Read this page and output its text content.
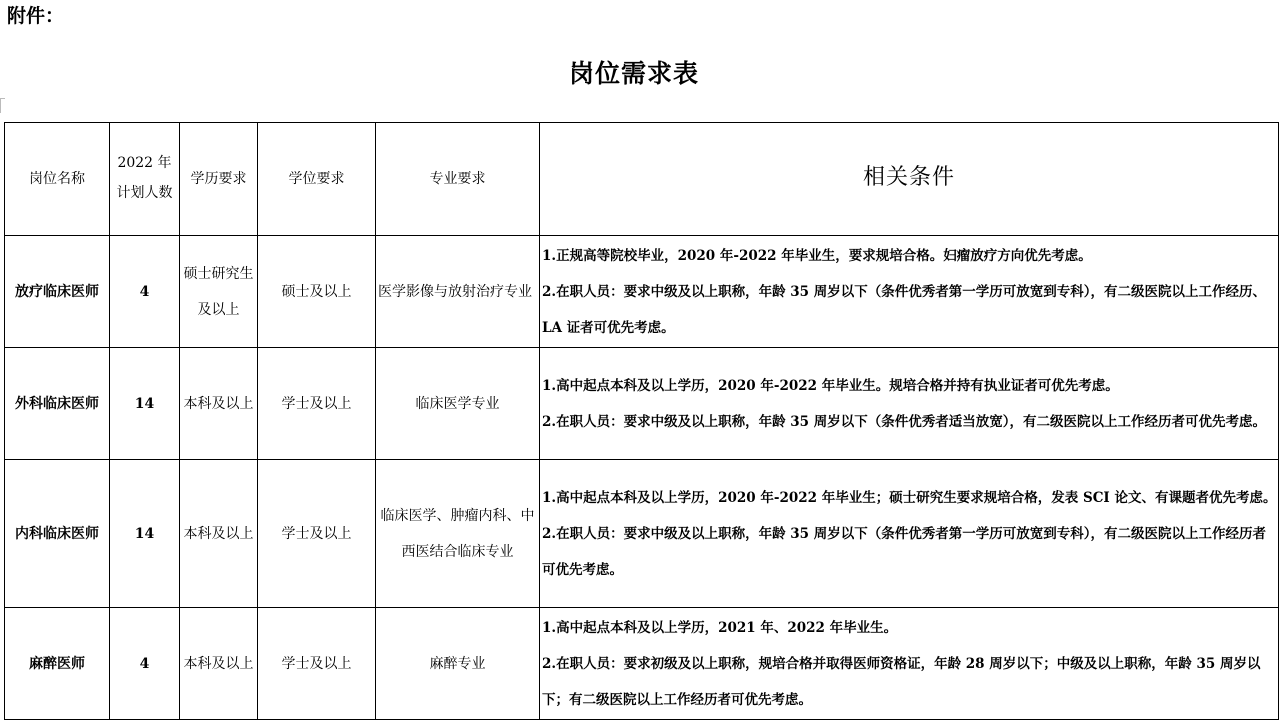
附件：
岗位需求表
岗位名称	2022 年计划人数	学历要求	学位要求	专业要求	相关条件
放疗临床医师	4	硕士研究生及以上	硕士及以上	医学影像与放射治疗专业	1.正规高等院校毕业，2020 年-2022 年毕业生，要求规培合格。妇瘤放疗方向优先考虑。

2.在职人员：要求中级及以上职称，年龄 35 周岁以下（条件优秀者第一学历可放宽到专科），有二级医院以上工作经历、LA 证者可优先考虑。

外科临床医师	14	本科及以上	学士及以上	临床医学专业	1.高中起点本科及以上学历，2020 年-2022 年毕业生。规培合格并持有执业证者可优先考虑。

2.在职人员：要求中级及以上职称，年龄 35 周岁以下（条件优秀者适当放宽），有二级医院以上工作经历者可优先考虑。

内科临床医师	14	本科及以上	学士及以上	临床医学、肿瘤内科、中西医结合临床专业	1.高中起点本科及以上学历，2020 年-2022 年毕业生；硕士研究生要求规培合格，发表 SCI 论文、有课题者优先考虑。

2.在职人员：要求中级及以上职称，年龄 35 周岁以下（条件优秀者第一学历可放宽到专科），有二级医院以上工作经历者可优先考虑。

麻醉医师	4	本科及以上	学士及以上	麻醉专业	1.高中起点本科及以上学历，2021 年、2022 年毕业生。

2.在职人员：要求初级及以上职称，规培合格并取得医师资格证，年龄 28 周岁以下；中级及以上职称，年龄 35 周岁以下；有二级医院以上工作经历者可优先考虑。
